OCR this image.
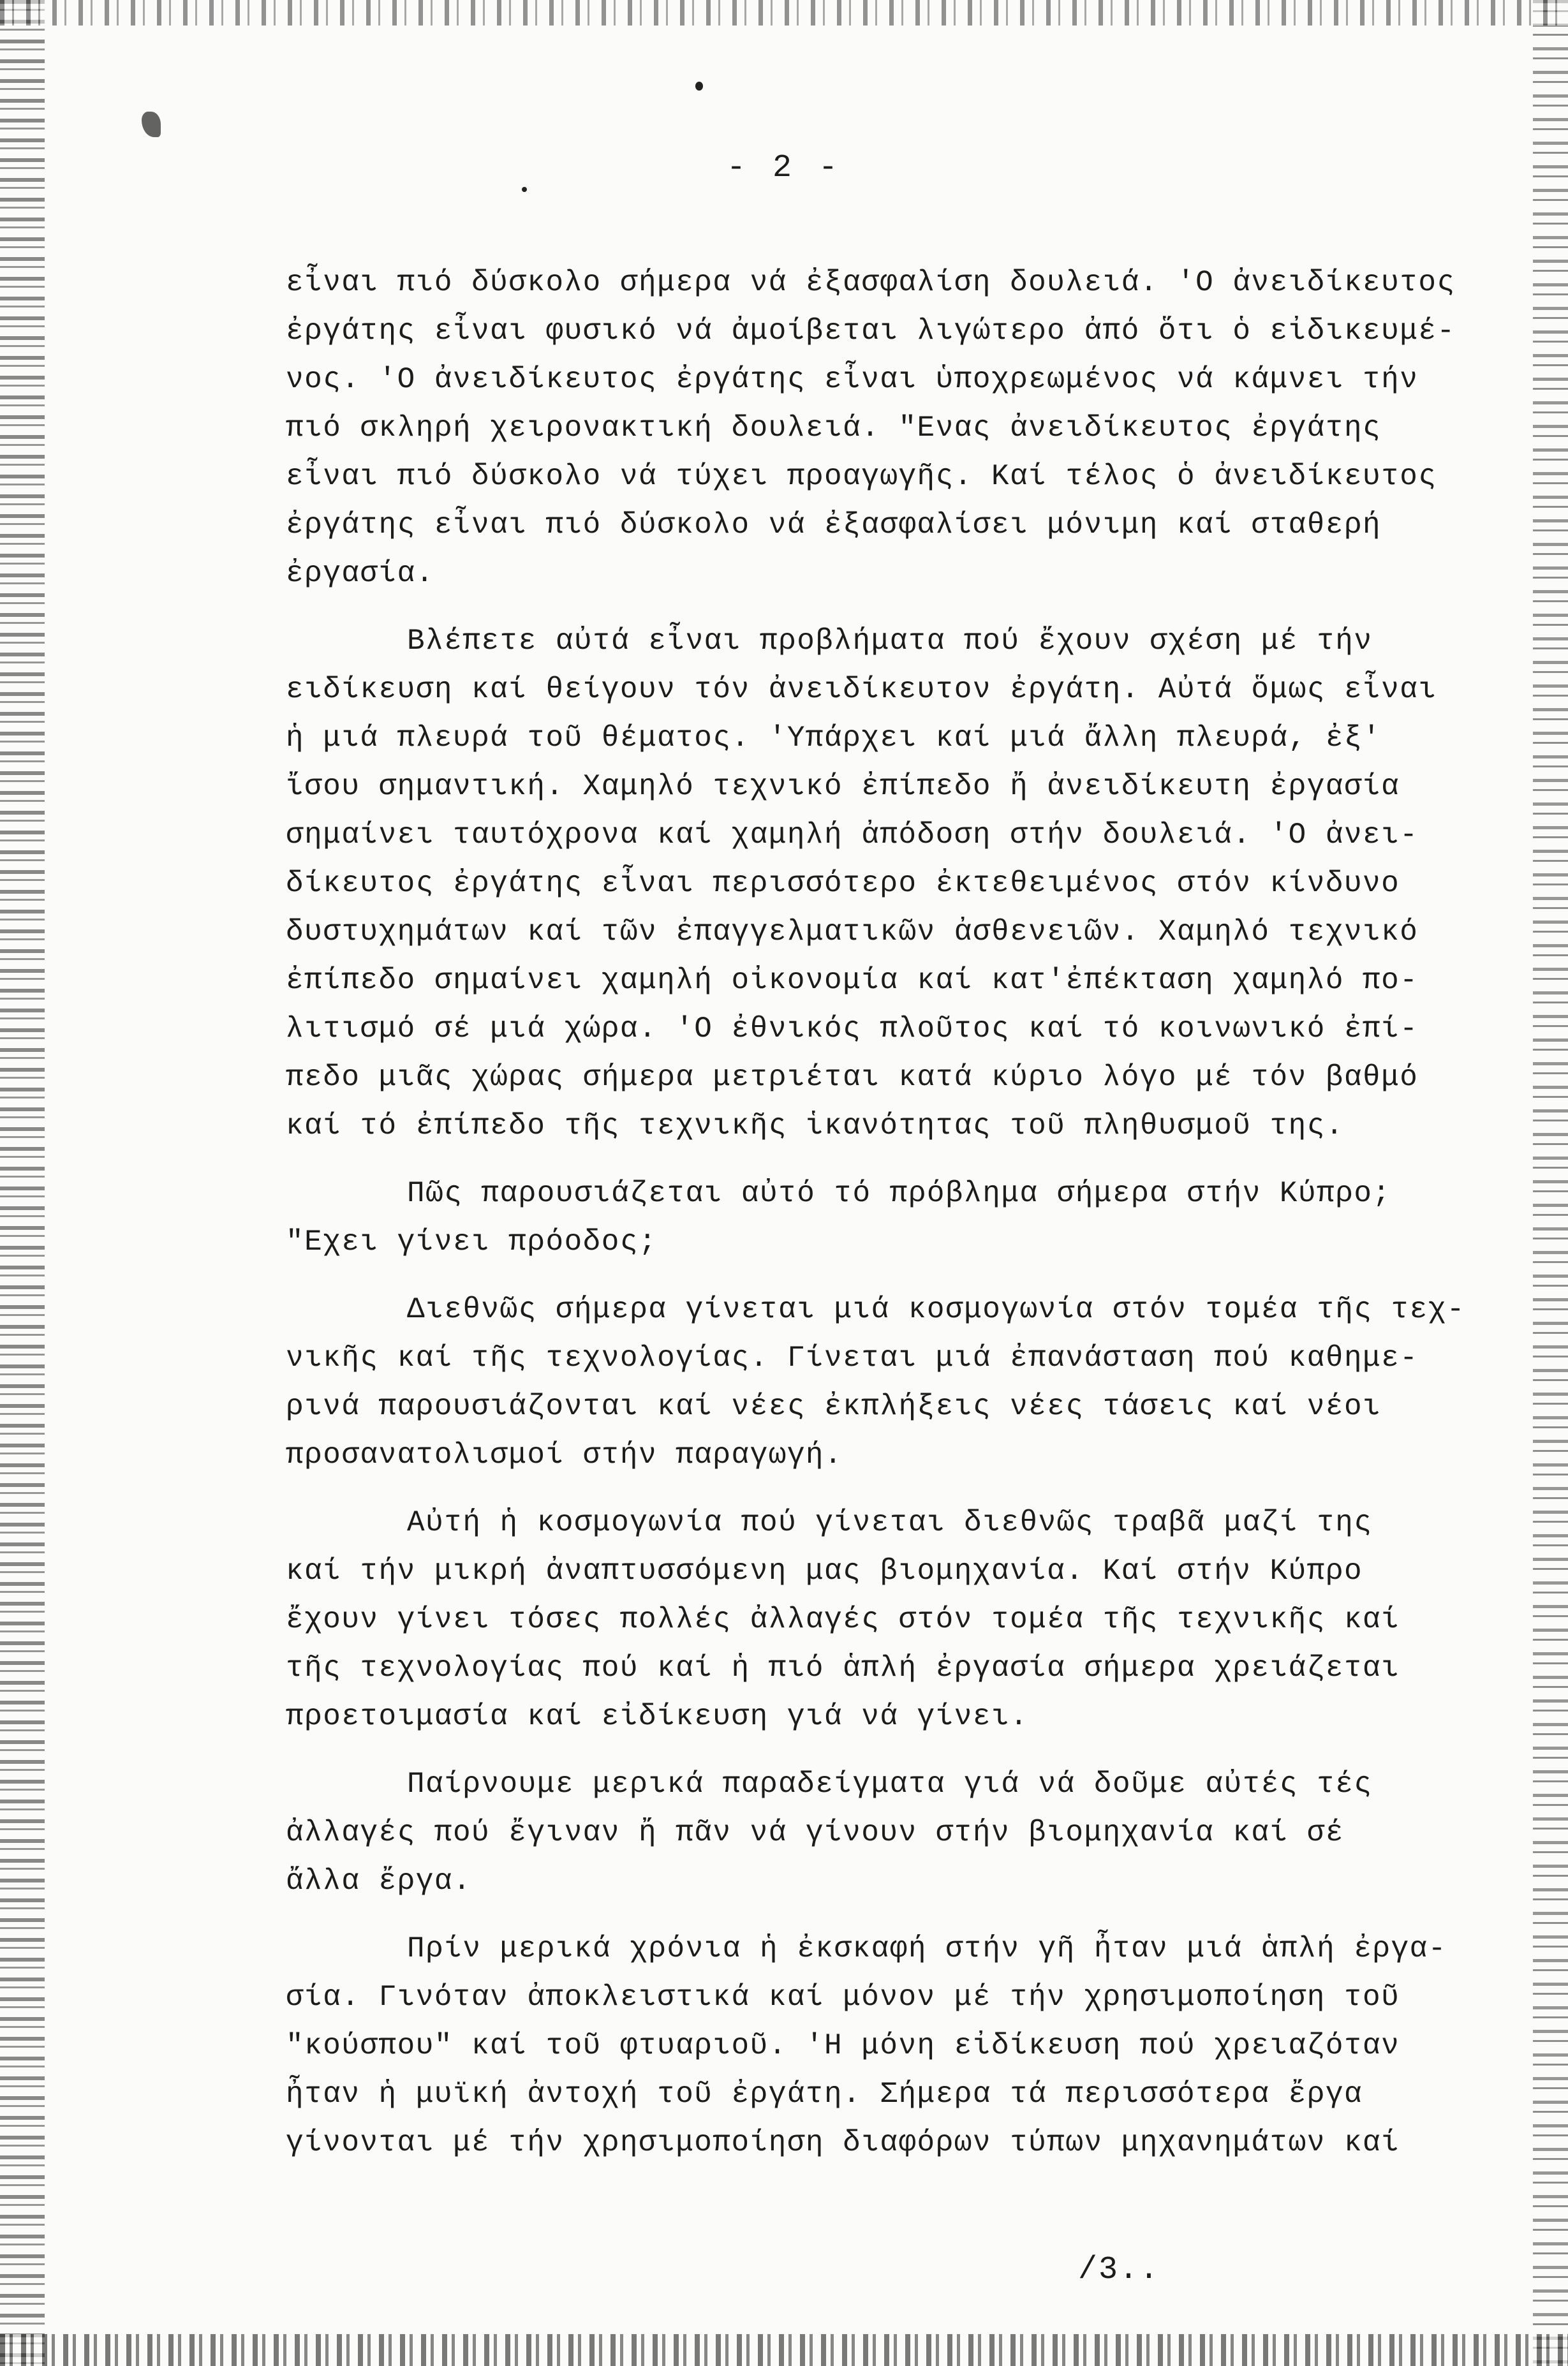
- 2 -
εἶναι πιό δύσκολο σήμερα νά ἐξασφαλίση δουλειά. 'Ο ἀνειδίκευτος
ἐργάτης εἶναι φυσικό νά ἀμοίβεται λιγώτερο ἀπό ὅτι ὁ εἰδικευμέ-
νος. 'Ο ἀνειδίκευτος ἐργάτης εἶναι ὑποχρεωμένος νά κάμνει τήν
πιό σκληρή χειρονακτική δουλειά. "Ενας ἀνειδίκευτος ἐργάτης
εἶναι πιό δύσκολο νά τύχει προαγωγῆς. Καί τέλος ὁ ἀνειδίκευτος
ἐργάτης εἶναι πιό δύσκολο νά ἐξασφαλίσει μόνιμη καί σταθερή
ἐργασία.
Βλέπετε αὐτά εἶναι προβλήματα πού ἔχουν σχέση μέ τήν
ειδίκευση καί θείγουν τόν ἀνειδίκευτον ἐργάτη. Αὐτά ὅμως εἶναι
ἡ μιά πλευρά τοῦ θέματος. 'Υπάρχει καί μιά ἄλλη πλευρά, ἐξ'
ἴσου σημαντική. Χαμηλό τεχνικό ἐπίπεδο ἤ ἀνειδίκευτη ἐργασία
σημαίνει ταυτόχρονα καί χαμηλή ἀπόδοση στήν δουλειά. 'Ο ἀνει-
δίκευτος ἐργάτης εἶναι περισσότερο ἐκτεθειμένος στόν κίνδυνο
δυστυχημάτων καί τῶν ἐπαγγελματικῶν ἀσθενειῶν. Χαμηλό τεχνικό
ἐπίπεδο σημαίνει χαμηλή οἰκονομία καί κατ'ἐπέκταση χαμηλό πο-
λιτισμό σέ μιά χώρα. 'Ο ἐθνικός πλοῦτος καί τό κοινωνικό ἐπί-
πεδο μιᾶς χώρας σήμερα μετριέται κατά κύριο λόγο μέ τόν βαθμό
καί τό ἐπίπεδο τῆς τεχνικῆς ἱκανότητας τοῦ πληθυσμοῦ της.
Πῶς παρουσιάζεται αὐτό τό πρόβλημα σήμερα στήν Κύπρο;
"Εχει γίνει πρόοδος;
Διεθνῶς σήμερα γίνεται μιά κοσμογωνία στόν τομέα τῆς τεχ-
νικῆς καί τῆς τεχνολογίας. Γίνεται μιά ἐπανάσταση πού καθημε-
ρινά παρουσιάζονται καί νέες ἐκπλήξεις νέες τάσεις καί νέοι
προσανατολισμοί στήν παραγωγή.
Αὐτή ἡ κοσμογωνία πού γίνεται διεθνῶς τραβᾶ μαζί της
καί τήν μικρή ἀναπτυσσόμενη μας βιομηχανία. Καί στήν Κύπρο
ἔχουν γίνει τόσες πολλές ἀλλαγές στόν τομέα τῆς τεχνικῆς καί
τῆς τεχνολογίας πού καί ἡ πιό ἁπλή ἐργασία σήμερα χρειάζεται
προετοιμασία καί εἰδίκευση γιά νά γίνει.
Παίρνουμε μερικά παραδείγματα γιά νά δοῦμε αὐτές τές
ἀλλαγές πού ἔγιναν ἤ πᾶν νά γίνουν στήν βιομηχανία καί σέ
ἄλλα ἔργα.
Πρίν μερικά χρόνια ἡ ἐκσκαφή στήν γῆ ἦταν μιά ἁπλή ἐργα-
σία. Γινόταν ἀποκλειστικά καί μόνον μέ τήν χρησιμοποίηση τοῦ
"κούσπου" καί τοῦ φτυαριοῦ. 'Η μόνη εἰδίκευση πού χρειαζόταν
ἦταν ἡ μυϊκή ἀντοχή τοῦ ἐργάτη. Σήμερα τά περισσότερα ἔργα
γίνονται μέ τήν χρησιμοποίηση διαφόρων τύπων μηχανημάτων καί
/3..
